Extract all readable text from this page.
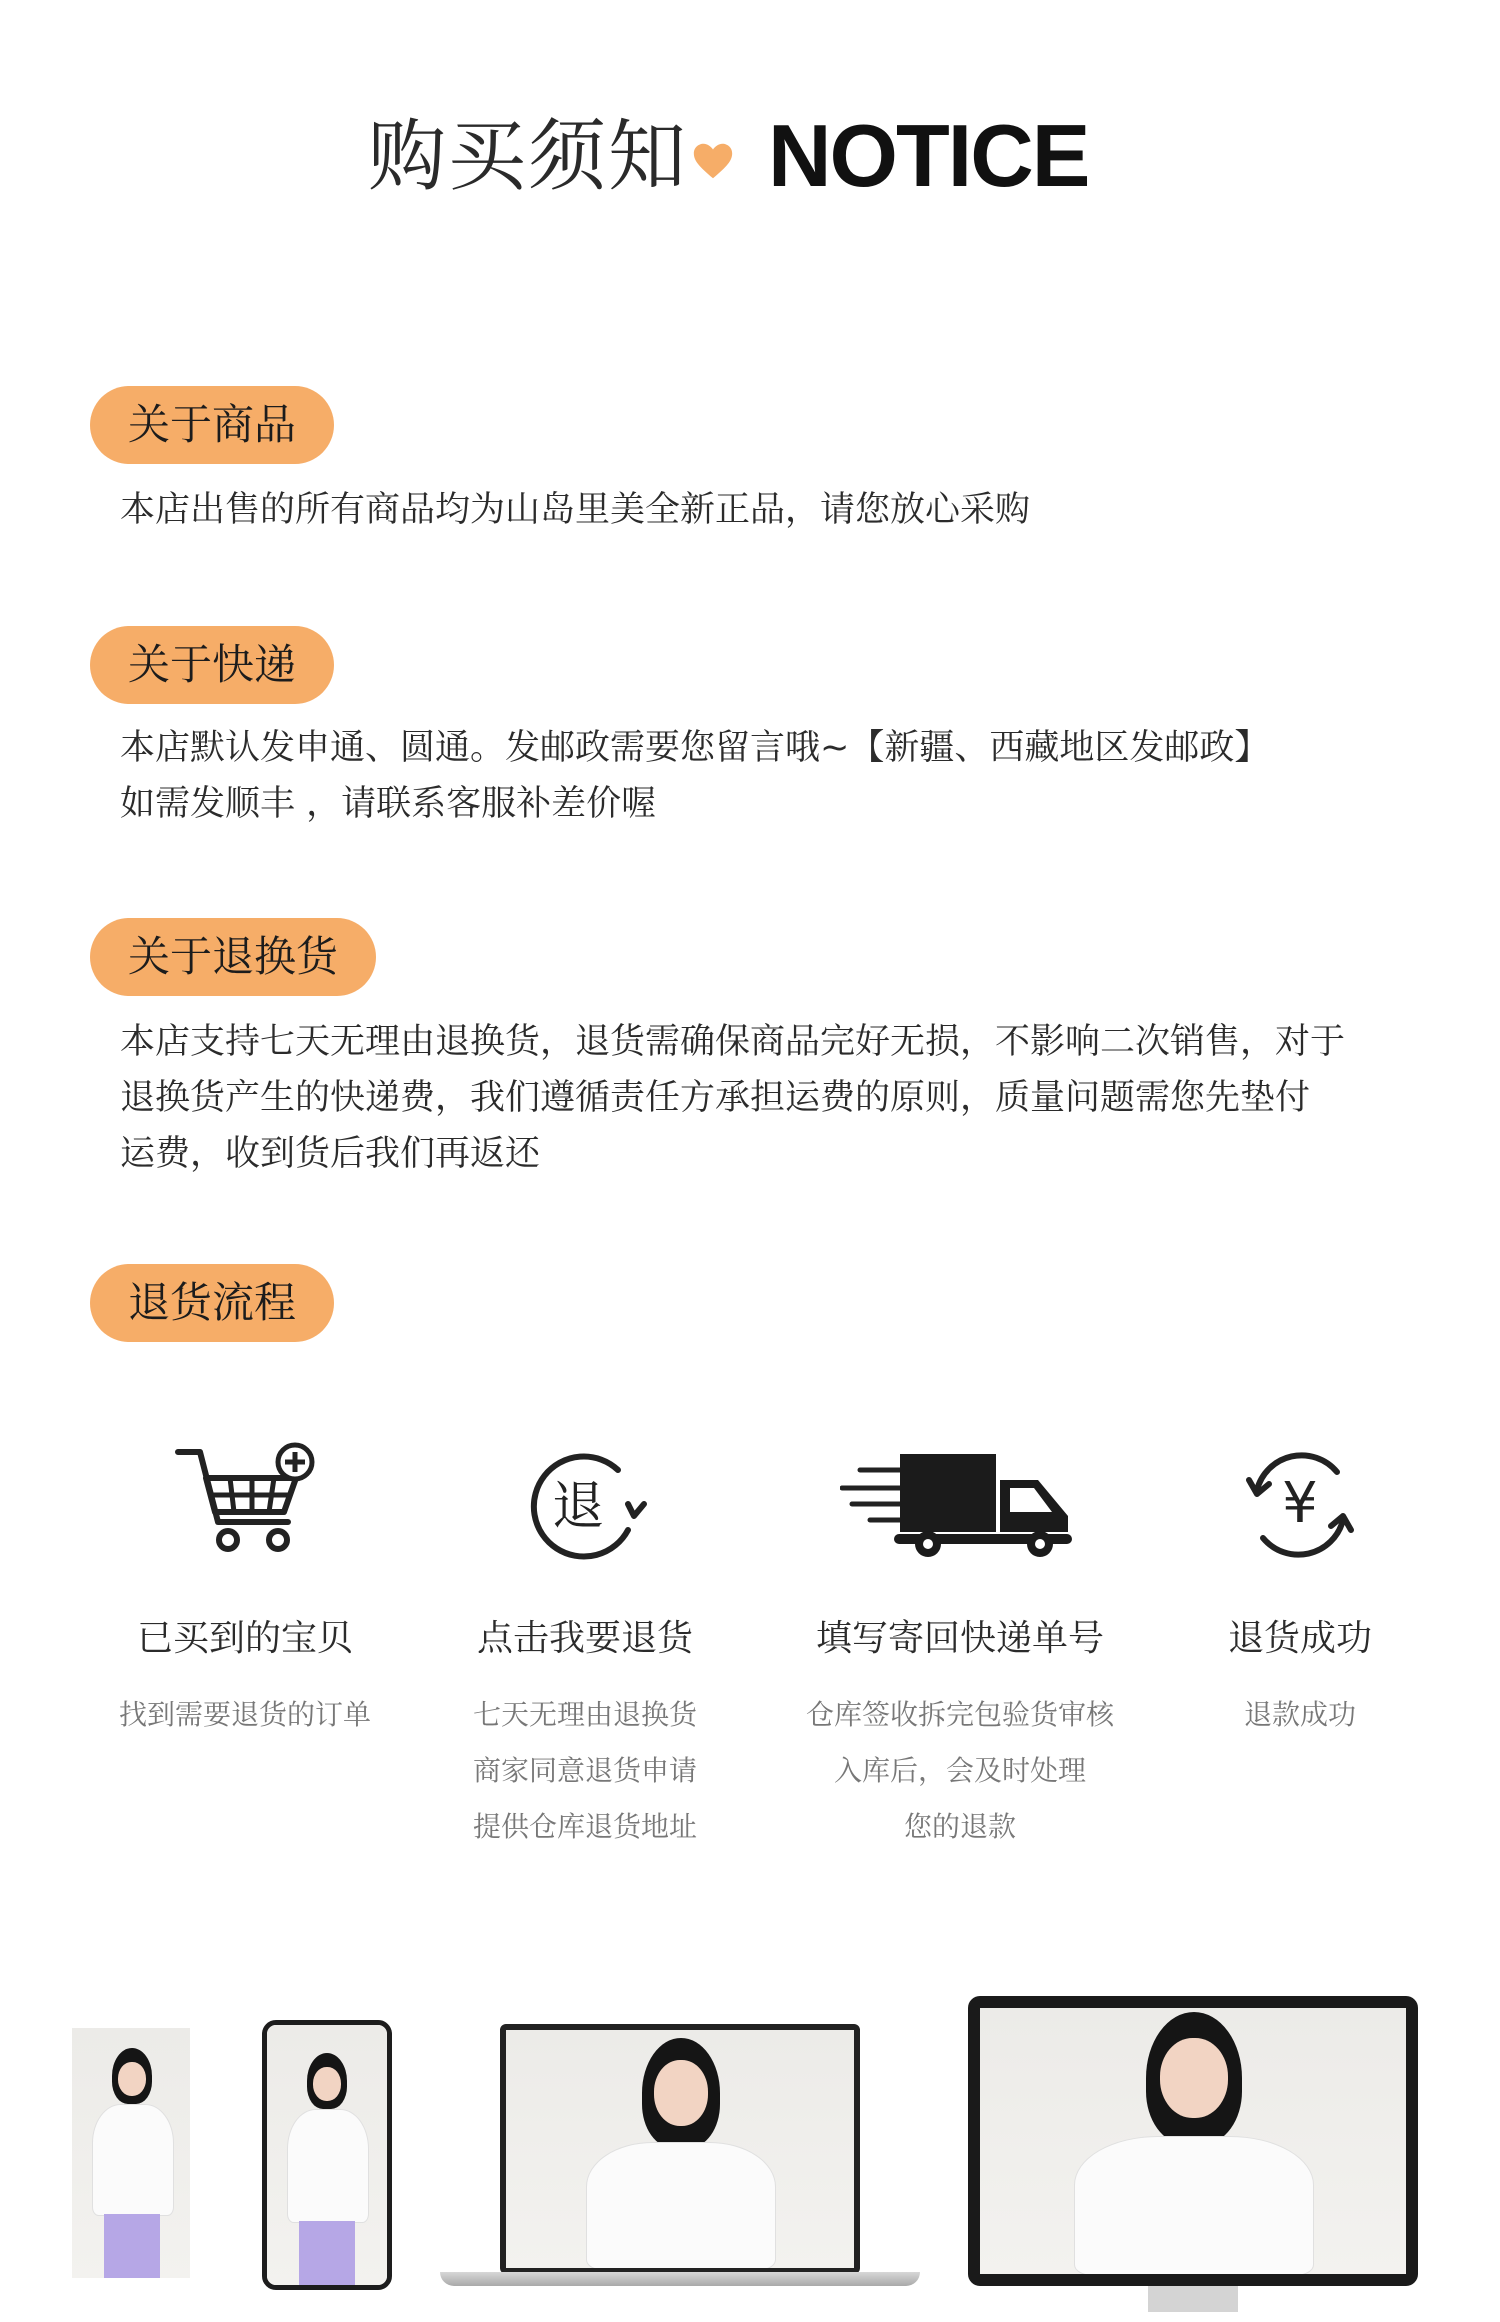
购买须知 NOTICE
关于商品

本店出售的所有商品均为山岛里美全新正品，请您放心采购

关于快递

本店默认发申通、圆通。发邮政需要您留言哦~【新疆、西藏地区发邮政】

如需发顺丰 ，请联系客服补差价喔

关于退换货

本店支持七天无理由退换货，退货需确保商品完好无损，不影响二次销售，对于

退换货产生的快递费，我们遵循责任方承担运费的原则，质量问题需您先垫付

运费，收到货后我们再返还

退货流程
已买到的宝贝
找到需要退货的订单
退
点击我要退货
七天无理由退换货
商家同意退货申请
提供仓库退货地址
填写寄回快递单号
仓库签收拆完包验货审核
入库后，会及时处理
您的退款
¥
退货成功
退款成功
